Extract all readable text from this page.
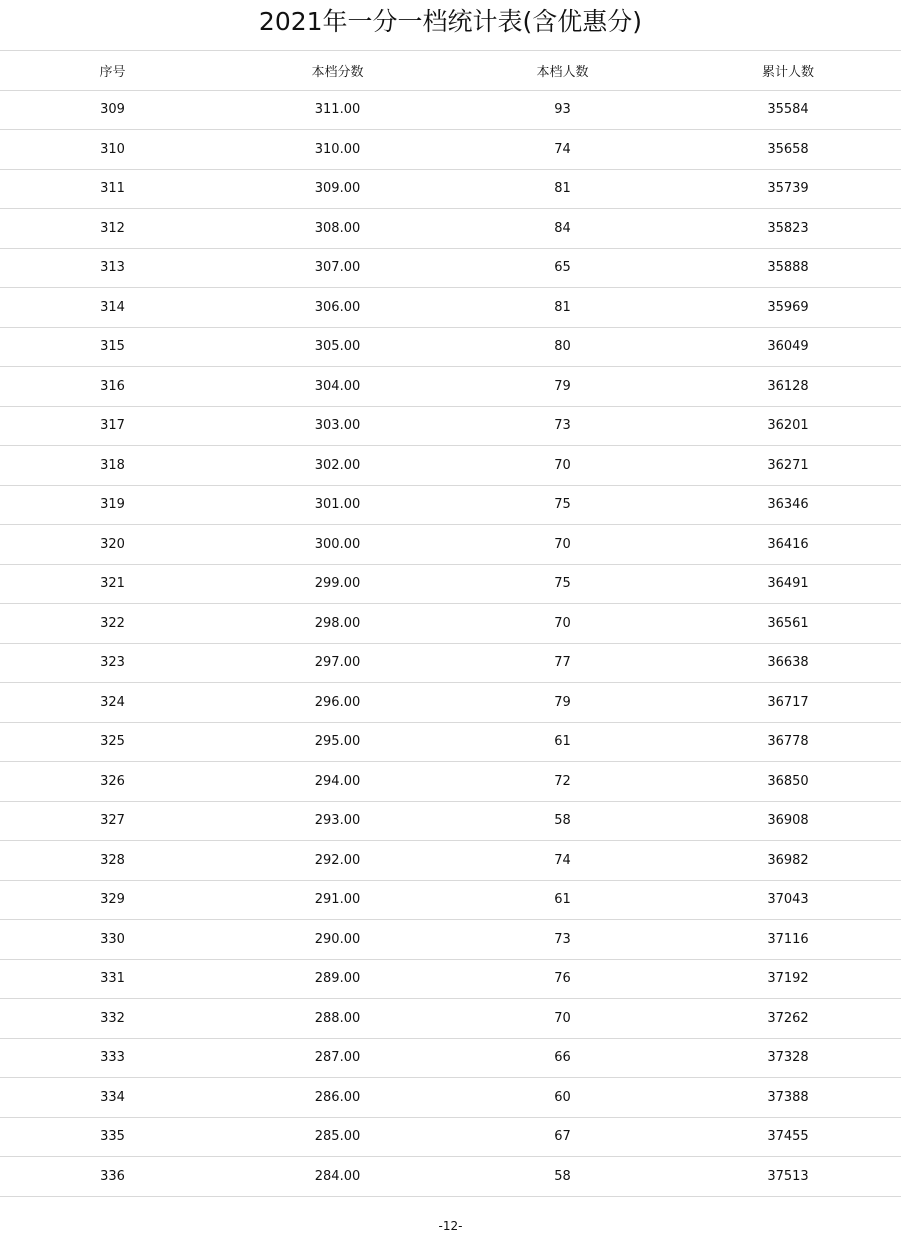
2021年一分一档统计表(含优惠分)
序号	本档分数	本档人数	累计人数
309	311.00	93	35584
310	310.00	74	35658
311	309.00	81	35739
312	308.00	84	35823
313	307.00	65	35888
314	306.00	81	35969
315	305.00	80	36049
316	304.00	79	36128
317	303.00	73	36201
318	302.00	70	36271
319	301.00	75	36346
320	300.00	70	36416
321	299.00	75	36491
322	298.00	70	36561
323	297.00	77	36638
324	296.00	79	36717
325	295.00	61	36778
326	294.00	72	36850
327	293.00	58	36908
328	292.00	74	36982
329	291.00	61	37043
330	290.00	73	37116
331	289.00	76	37192
332	288.00	70	37262
333	287.00	66	37328
334	286.00	60	37388
335	285.00	67	37455
336	284.00	58	37513
-12-
